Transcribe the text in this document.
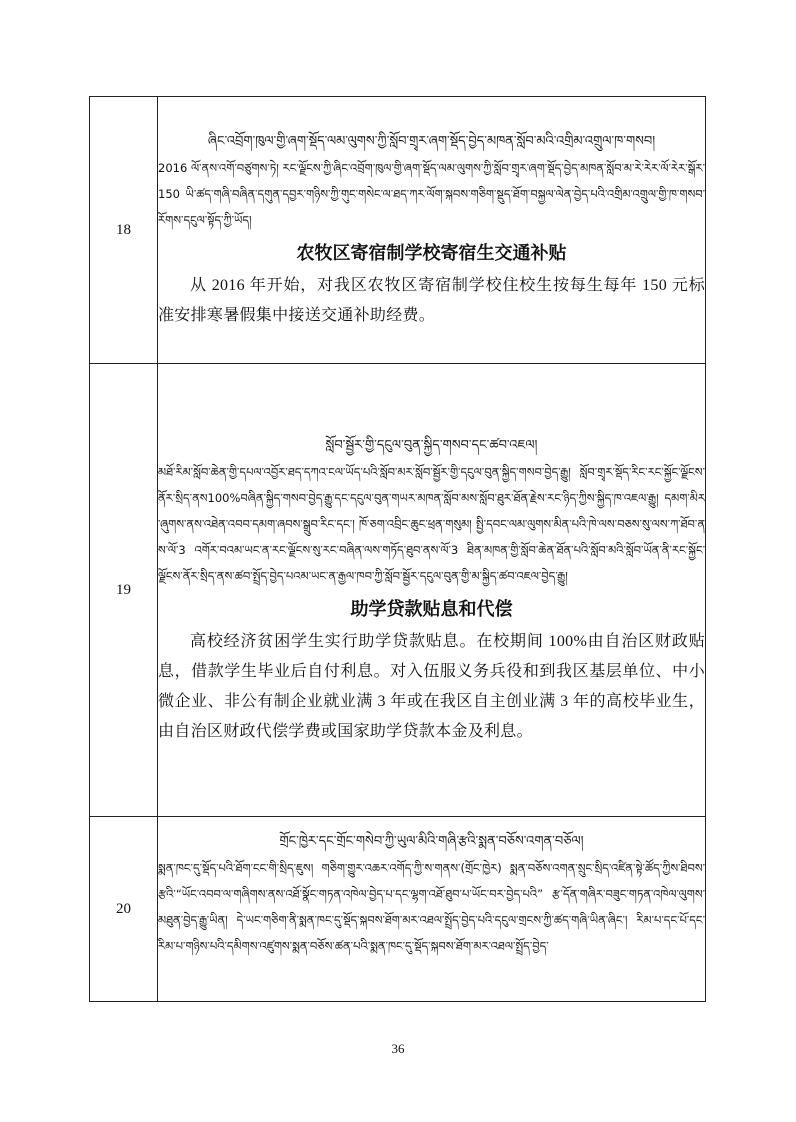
18	ཞིང་འབྲོག་ཁུལ་གྱི་ཞག་སྡོད་ལམ་ལུགས་ཀྱི་སློབ་གྲྭར་ཞག་སྡོད་བྱེད་མཁན་སློབ་མའི་འགྲིམ་འགྲུལ་ཁ་གསབ།
2016 ལོ་ནས་འགོ་བཙུགས་ཏེ། རང་ལྗོངས་ཀྱི་ཞིང་འབྲོག་ཁུལ་གྱི་ཞག་སྡོད་ལམ་ལུགས་ཀྱི་སློབ་གྲྭར་ཞག་སྡོད་བྱེད་མཁན་སློབ་མ་རེ་རེར་ལོ་རེར་སྒོར་150 ཡི་ཚད་གཞི་བཞིན་དགུན་དབྱར་གཉིས་ཀྱི་གུང་གསེང་ལ་ཐད་ཀར་ལོག་སྐབས་གཅིག་སྡུད་ཐོག་བསྐྱལ་ལེན་བྱེད་པའི་འགྲིམ་འགྲུལ་གྱི་ཁ་གསབ་རོགས་དངུལ་སྟོད་ཀྱི་ཡོད།
农牧区寄宿制学校寄宿生交通补贴
从 2016 年开始，对我区农牧区寄宿制学校住校生按每生每年 150 元标准安排寒暑假集中接送交通补助经费。

19	སློབ་སྦྱོར་གྱི་དངུལ་བུན་སྐྱིད་གསབ་དང་ཚབ་འཇལ།
མཐོ་རིམ་སློབ་ཆེན་གྱི་དཔལ་འབྱོར་ཐད་དཀའ་ངལ་ཡོད་པའི་སློབ་མར་སློབ་སྦྱོར་གྱི་དངུལ་བུན་སྐྱིད་གསབ་བྱེད་རྒྱུ། སློབ་གྲྭར་སྡོད་རིང་རང་སྐྱོང་ལྗོངས་ནོར་སྲིད་ནས100%བཞིན་སྐྱིད་གསབ་བྱེད་རྒྱུ་དང་དངུལ་བུན་གཡར་མཁན་སློབ་མས་སློབ་ཐུར་ཐོན་རྗེས་རང་ཉིད་ཀྱིས་སྐྱིད་ཁ་འཇལ་རྒྱུ། དམག་མིར་ཞུགས་ནས་འཐེན་འབབ་དམག་ཞབས་སྒྲུབ་རིང་དང་། ཁོ་ཅག་འབྲིང་ཆུང་ཕྲན་གསུམ། སྤྱི་དབང་ལམ་ལུགས་མིན་པའི་ཁེ་ལས་བཅས་སུ་ལས་ཀ་ཐོབ་ནས་ལོ་3 འགོར་བའམ་ཡང་ན་རང་ལྗོངས་སུ་རང་བཞིན་ལས་གཏོད་ཐུབ་ནས་ལོ་3 ཐིན་མཁན་གྱི་སློབ་ཆེན་ཐོན་པའི་སློབ་མའི་སློབ་ཡོན་ནི་རང་སྐྱོང་ལྗོངས་ནོར་སྲིད་ནས་ཚབ་སྤྲོད་བྱེད་པའམ་ཡང་ན་རྒྱལ་ཁབ་ཀྱི་སློབ་སྦྱོར་དངུལ་བུན་གྱི་མ་སྐྱིད་ཚབ་འཇལ་བྱེད་རྒྱུ།
助学贷款贴息和代偿
高校经济贫困学生实行助学贷款贴息。在校期间 100%由自治区财政贴息，借款学生毕业后自付利息。对入伍服义务兵役和到我区基层单位、中小微企业、非公有制企业就业满 3 年或在我区自主创业满 3 年的高校毕业生，由自治区财政代偿学费或国家助学贷款本金及利息。

20	གྲོང་ཁྱེར་དང་གྲོང་གསེབ་ཀྱི་ཡུལ་མིའི་གཞི་རྩའི་སྨན་བཅོས་འགན་བཅོལ།
སྨན་ཁང་དུ་སྡོད་པའི་ཐོག་ངང་གི་སྲིད་ཇུས། གཅིག་གྱུར་འཆར་འགོད་ཀྱི་ས་གནས་(གྲོང་ཁྱེར) སྨན་བཅོས་འགན་སྲུང་སྲིད་འཛིན་སྟེ་ཚོད་ཀྱིས་ཐིབས་རྩའི་“ཡོང་འབབ་ལ་གཞིགས་ནས་འཐོ་སྣོང་གཏན་འཁེལ་བྱེད་པ་དང་ལྷག་འཐོ་ཐུབ་པ་ཡོང་བར་བྱེད་པའི” རྩ་དོན་གཞིར་བཟུང་གཏན་འཁེལ་ལུགས་མཐུན་བྱེད་རྒྱུ་ཡིན། དེ་ཡང་གཅིག་ནི་སྨན་ཁང་དུ་སྡོད་སྐབས་ཐོག་མར་འཐལ་སྤྲོད་བྱེད་པའི་དངུལ་གྲངས་ཀྱི་ཚད་གཞི་ཡིན་ཞིང་། རིམ་པ་དང་པོ་དང་རིམ་པ་གཉིས་པའི་དམིགས་འཛུགས་སྨན་བཅོས་ཚན་པའི་སྨན་ཁང་དུ་སྡོད་སྐབས་ཐོག་མར་འཐལ་སྤྲོད་བྱེད་
36
